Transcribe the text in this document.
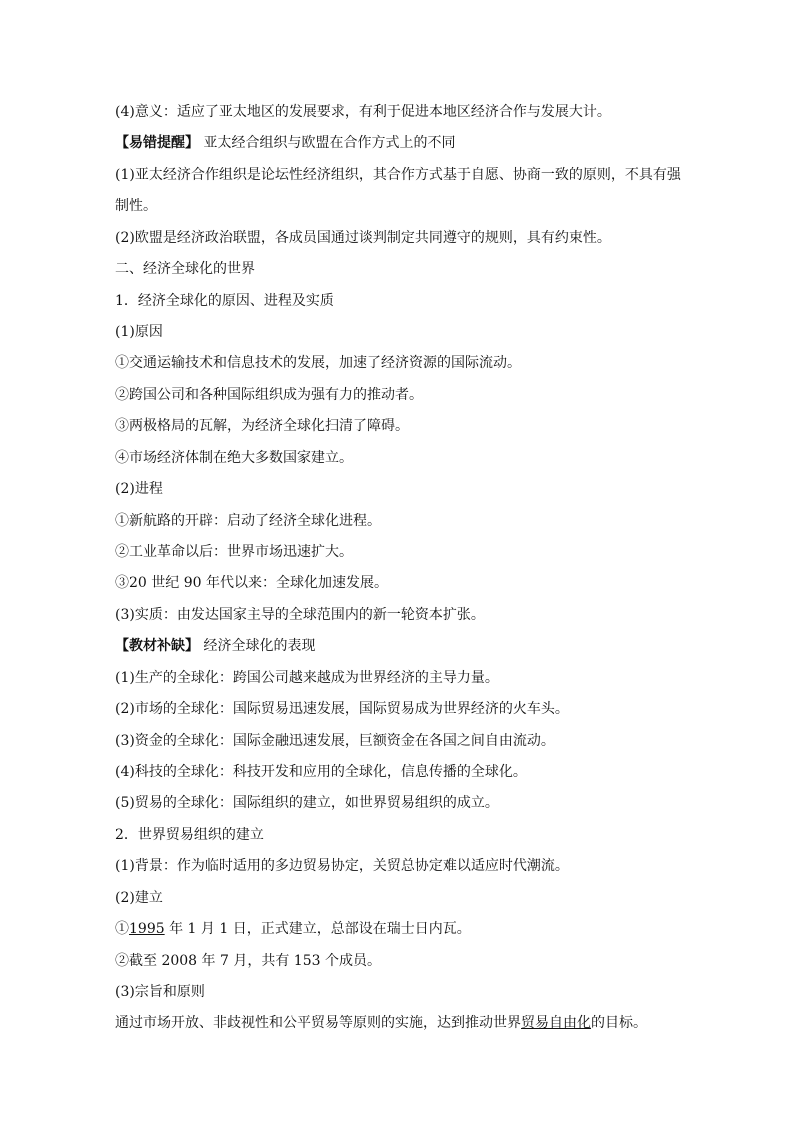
(4)意义：适应了亚太地区的发展要求，有利于促进本地区经济合作与发展大计。

【易错提醒】 亚太经合组织与欧盟在合作方式上的不同

(1)亚太经济合作组织是论坛性经济组织，其合作方式基于自愿、协商一致的原则，不具有强

制性。

(2)欧盟是经济政治联盟，各成员国通过谈判制定共同遵守的规则，具有约束性。

二、经济全球化的世界

1．经济全球化的原因、进程及实质

(1)原因

①交通运输技术和信息技术的发展，加速了经济资源的国际流动。

②跨国公司和各种国际组织成为强有力的推动者。

③两极格局的瓦解，为经济全球化扫清了障碍。

④市场经济体制在绝大多数国家建立。

(2)进程

①新航路的开辟：启动了经济全球化进程。

②工业革命以后：世界市场迅速扩大。

③20 世纪 90 年代以来：全球化加速发展。

(3)实质：由发达国家主导的全球范围内的新一轮资本扩张。

【教材补缺】 经济全球化的表现

(1)生产的全球化：跨国公司越来越成为世界经济的主导力量。

(2)市场的全球化：国际贸易迅速发展，国际贸易成为世界经济的火车头。

(3)资金的全球化：国际金融迅速发展，巨额资金在各国之间自由流动。

(4)科技的全球化：科技开发和应用的全球化，信息传播的全球化。

(5)贸易的全球化：国际组织的建立，如世界贸易组织的成立。

2．世界贸易组织的建立

(1)背景：作为临时适用的多边贸易协定，关贸总协定难以适应时代潮流。

(2)建立

①1995 年 1 月 1 日，正式建立，总部设在瑞士日内瓦。

②截至 2008 年 7 月，共有 153 个成员。

(3)宗旨和原则

通过市场开放、非歧视性和公平贸易等原则的实施，达到推动世界贸易自由化的目标。
